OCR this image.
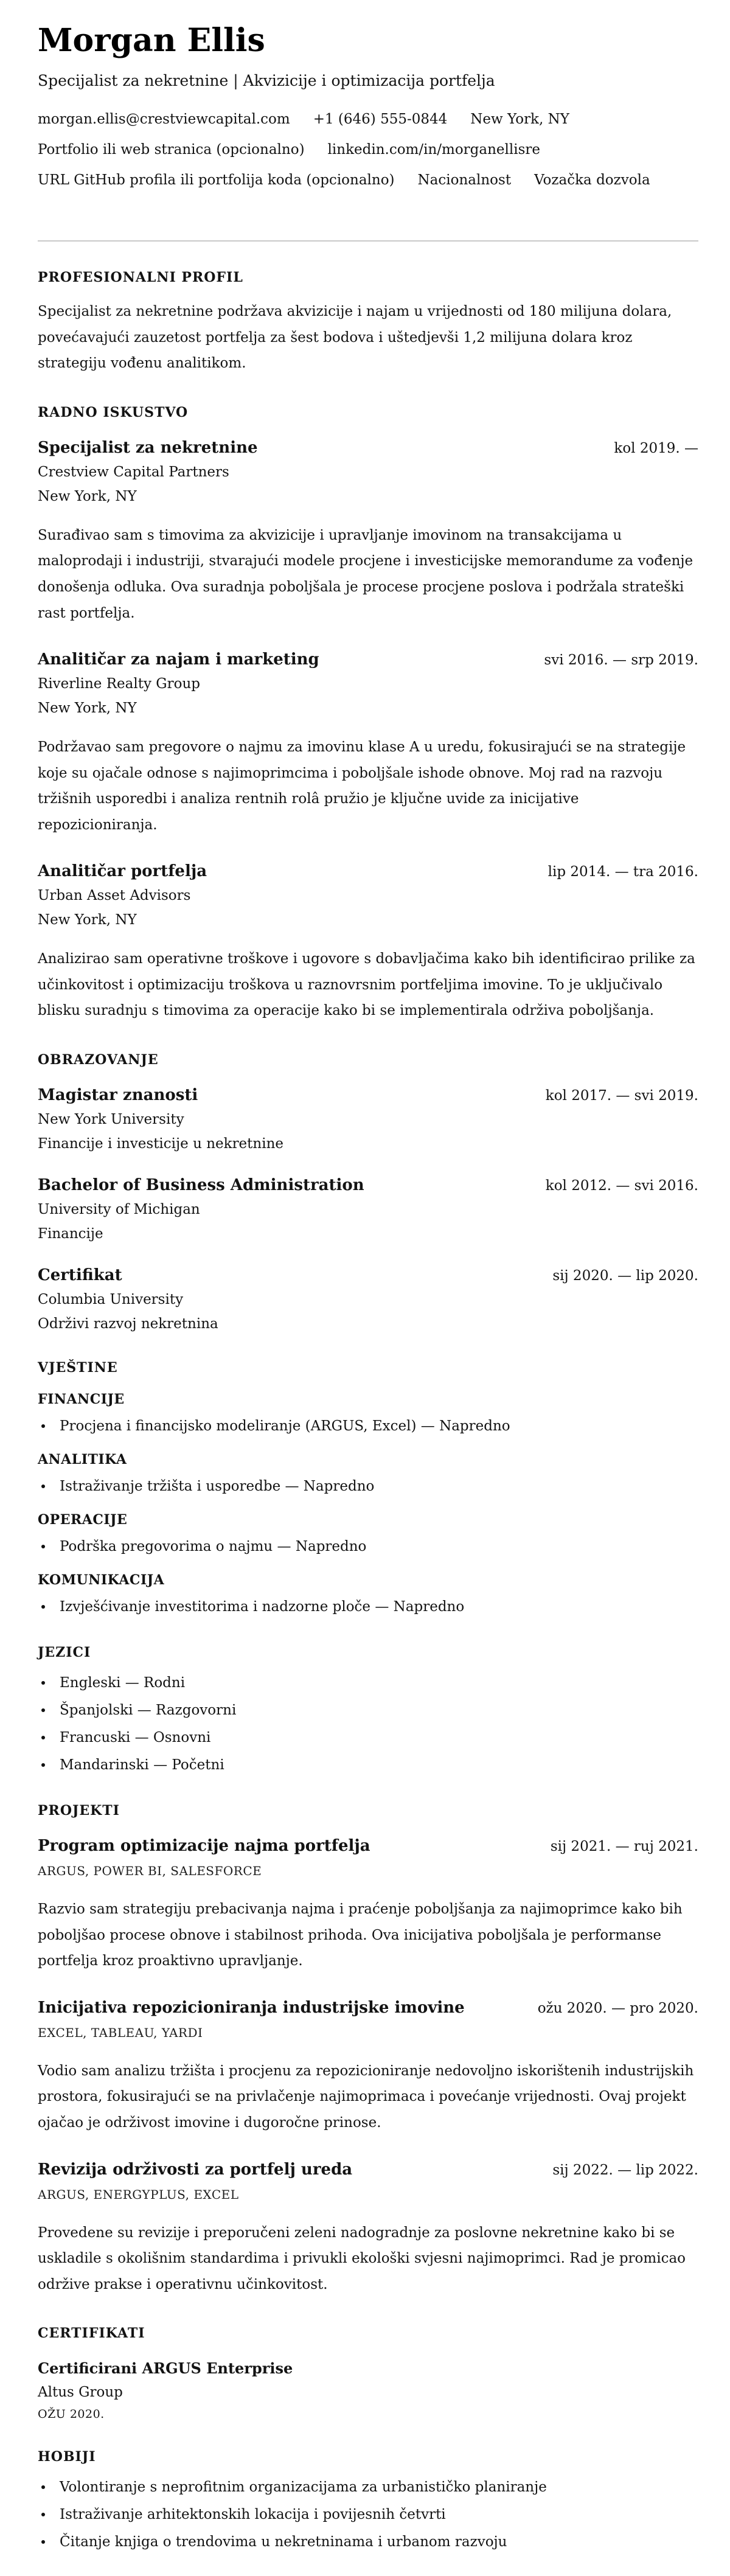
Morgan Ellis
Specijalist za nekretnine | Akvizicije i optimizacija portfelja
morgan.ellis@crestviewcapital.com +1 (646) 555-0844 New York, NY
Portfolio ili web stranica (opcionalno) linkedin.com/in/morganellisre
URL GitHub profila ili portfolija koda (opcionalno) Nacionalnost Vozačka dozvola
PROFESIONALNI PROFIL

Specijalist za nekretnine podržava akvizicije i najam u vrijednosti od 180 milijuna dolara, povećavajući zauzetost portfelja za šest bodova i uštedjevši 1,2 milijuna dolara kroz strategiju vođenu analitikom.

RADNO ISKUSTVO
Specijalist za nekretnine	kol 2019. —
Crestview Capital Partners
New York, NY

Surađivao sam s timovima za akvizicije i upravljanje imovinom na transakcijama u maloprodaji i industriji, stvarajući modele procjene i investicijske memorandume za vođenje donošenja odluka. Ova suradnja poboljšala je procese procjene poslova i podržala strateški rast portfelja.

Analitičar za najam i marketing	svi 2016. — srp 2019.
Riverline Realty Group
New York, NY

Podržavao sam pregovore o najmu za imovinu klase A u uredu, fokusirajući se na strategije koje su ojačale odnose s najimoprimcima i poboljšale ishode obnove. Moj rad na razvoju tržišnih usporedbi i analiza rentnih rolâ pružio je ključne uvide za inicijative repozicioniranja.

Analitičar portfelja	lip 2014. — tra 2016.
Urban Asset Advisors
New York, NY

Analizirao sam operativne troškove i ugovore s dobavljačima kako bih identificirao prilike za učinkovitost i optimizaciju troškova u raznovrsnim portfeljima imovine. To je uključivalo blisku suradnju s timovima za operacije kako bi se implementirala održiva poboljšanja.

OBRAZOVANJE
Magistar znanosti	kol 2017. — svi 2019.
New York University
Financije i investicije u nekretnine
Bachelor of Business Administration	kol 2012. — svi 2016.
University of Michigan
Financije
Certifikat	sij 2020. — lip 2020.
Columbia University
Održivi razvoj nekretnina
VJEŠTINE
FINANCIJE
Procjena i financijsko modeliranje (ARGUS, Excel) — Napredno
ANALITIKA
Istraživanje tržišta i usporedbe — Napredno
OPERACIJE
Podrška pregovorima o najmu — Napredno
KOMUNIKACIJA
Izvješćivanje investitorima i nadzorne ploče — Napredno
JEZICI
Engleski — Rodni
Španjolski — Razgovorni
Francuski — Osnovni
Mandarinski — Početni
PROJEKTI
Program optimizacije najma portfelja	sij 2021. — ruj 2021.
ARGUS, POWER BI, SALESFORCE

Razvio sam strategiju prebacivanja najma i praćenje poboljšanja za najimoprimce kako bih poboljšao procese obnove i stabilnost prihoda. Ova inicijativa poboljšala je performanse portfelja kroz proaktivno upravljanje.

Inicijativa repozicioniranja industrijske imovine	ožu 2020. — pro 2020.
EXCEL, TABLEAU, YARDI

Vodio sam analizu tržišta i procjenu za repozicioniranje nedovoljno iskorištenih industrijskih prostora, fokusirajući se na privlačenje najimoprimaca i povećanje vrijednosti. Ovaj projekt ojačao je održivost imovine i dugoročne prinose.

Revizija održivosti za portfelj ureda	sij 2022. — lip 2022.
ARGUS, ENERGYPLUS, EXCEL

Provedene su revizije i preporučeni zeleni nadogradnje za poslovne nekretnine kako bi se uskladile s okolišnim standardima i privukli ekološki svjesni najimoprimci. Rad je promicao održive prakse i operativnu učinkovitost.

CERTIFIKATI
Certificirani ARGUS Enterprise
Altus Group
OŽU 2020.
HOBIJI
Volontiranje s neprofitnim organizacijama za urbanističko planiranje
Istraživanje arhitektonskih lokacija i povijesnih četvrti
Čitanje knjiga o trendovima u nekretninama i urbanom razvoju
